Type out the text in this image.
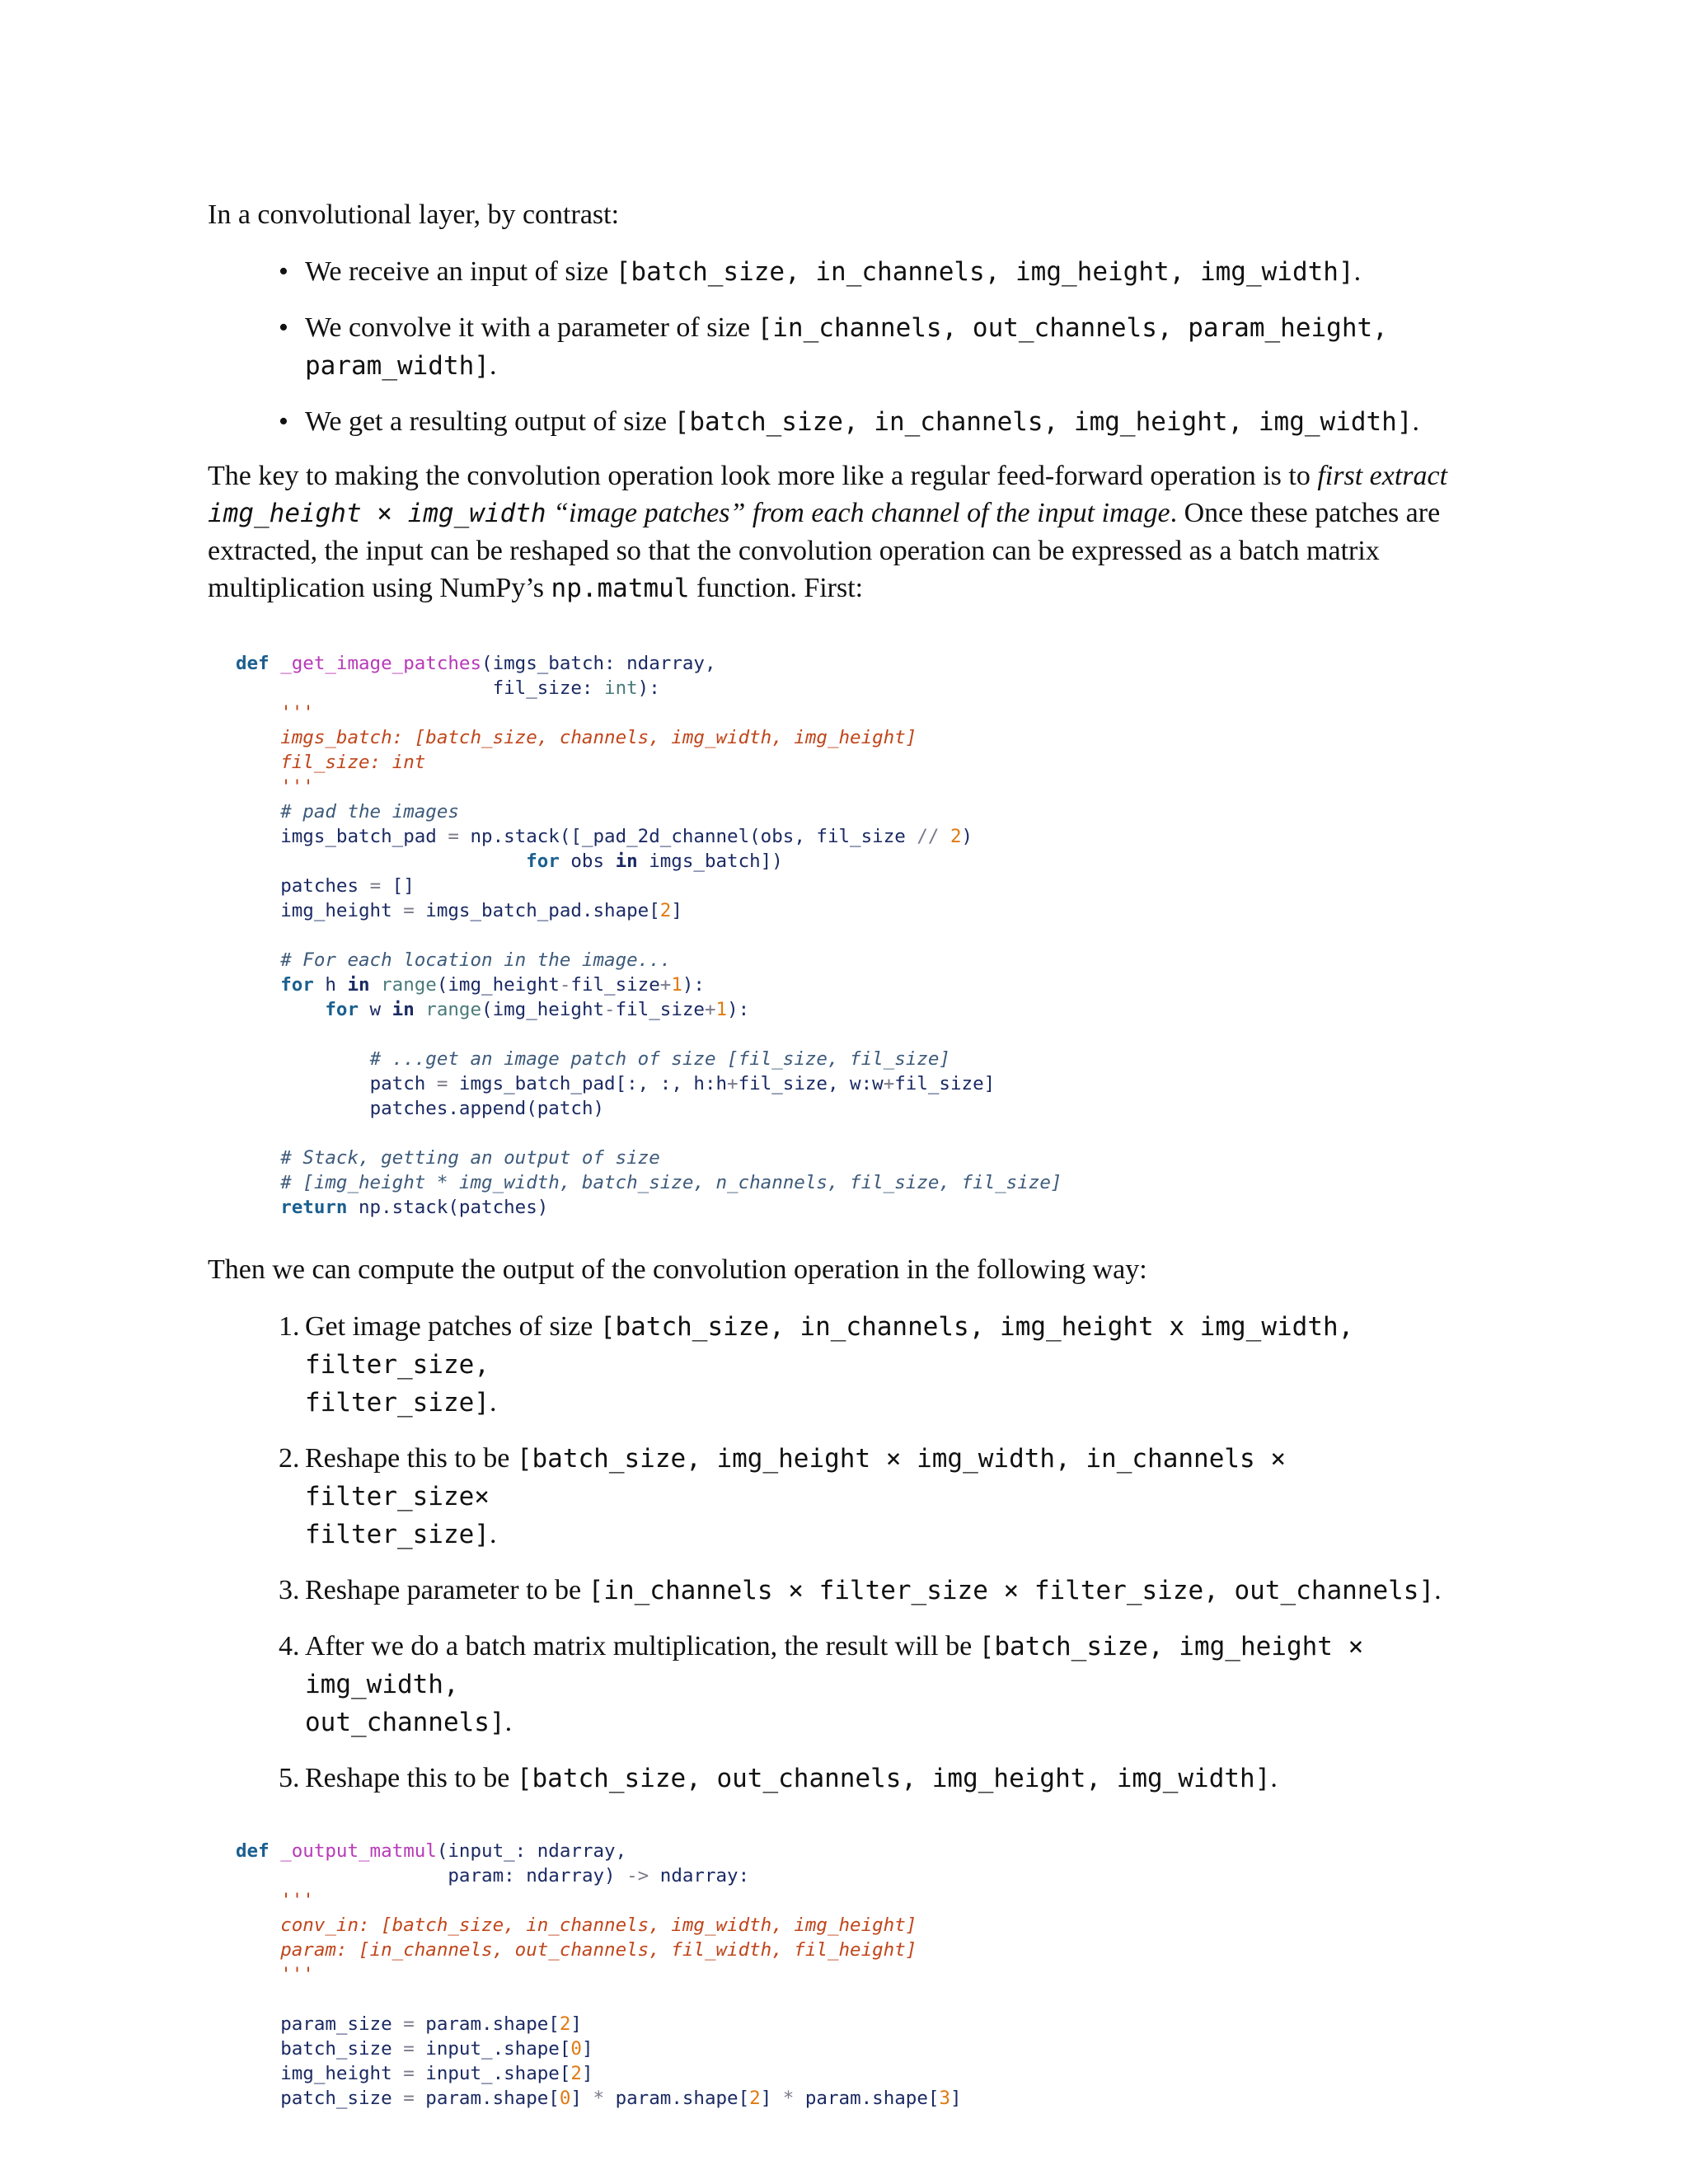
In a convolutional layer, by contrast:

• We receive an input of size [batch_size, in_channels, img_height, img_width].
• We convolve it with a parameter of size [in_channels, out_channels, param_height,
param_width].
• We get a resulting output of size [batch_size, in_channels, img_height, img_width].

The key to making the convolution operation look more like a regular feed-forward operation is to first extract
img_height × img_width “image patches” from each channel of the input image. Once these patches are
extracted, the input can be reshaped so that the convolution operation can be expressed as a batch matrix
multiplication using NumPy’s np.matmul function. First:

def _get_image_patches(imgs_batch: ndarray,
fil_size: int):
'''
imgs_batch: [batch_size, channels, img_width, img_height]
fil_size: int
'''
# pad the images
imgs_batch_pad = np.stack([_pad_2d_channel(obs, fil_size // 2)
for obs in imgs_batch])
patches = []
img_height = imgs_batch_pad.shape[2]

# For each location in the image...
for h in range(img_height-fil_size+1):
for w in range(img_height-fil_size+1):

# ...get an image patch of size [fil_size, fil_size]
patch = imgs_batch_pad[:, :, h:h+fil_size, w:w+fil_size]
patches.append(patch)

# Stack, getting an output of size
# [img_height * img_width, batch_size, n_channels, fil_size, fil_size]
return np.stack(patches)

Then we can compute the output of the convolution operation in the following way:

1. Get image patches of size [batch_size, in_channels, img_height x img_width, filter_size,
filter_size].
2. Reshape this to be [batch_size, img_height × img_width, in_channels × filter_size×
filter_size].
3. Reshape parameter to be [in_channels × filter_size × filter_size, out_channels].
4. After we do a batch matrix multiplication, the result will be [batch_size, img_height × img_width,
out_channels].
5. Reshape this to be [batch_size, out_channels, img_height, img_width].
def _output_matmul(input_: ndarray,
param: ndarray) -> ndarray:
'''
conv_in: [batch_size, in_channels, img_width, img_height]
param: [in_channels, out_channels, fil_width, fil_height]
'''

param_size = param.shape[2]
batch_size = input_.shape[0]
img_height = input_.shape[2]
patch_size = param.shape[0] * param.shape[2] * param.shape[3]
